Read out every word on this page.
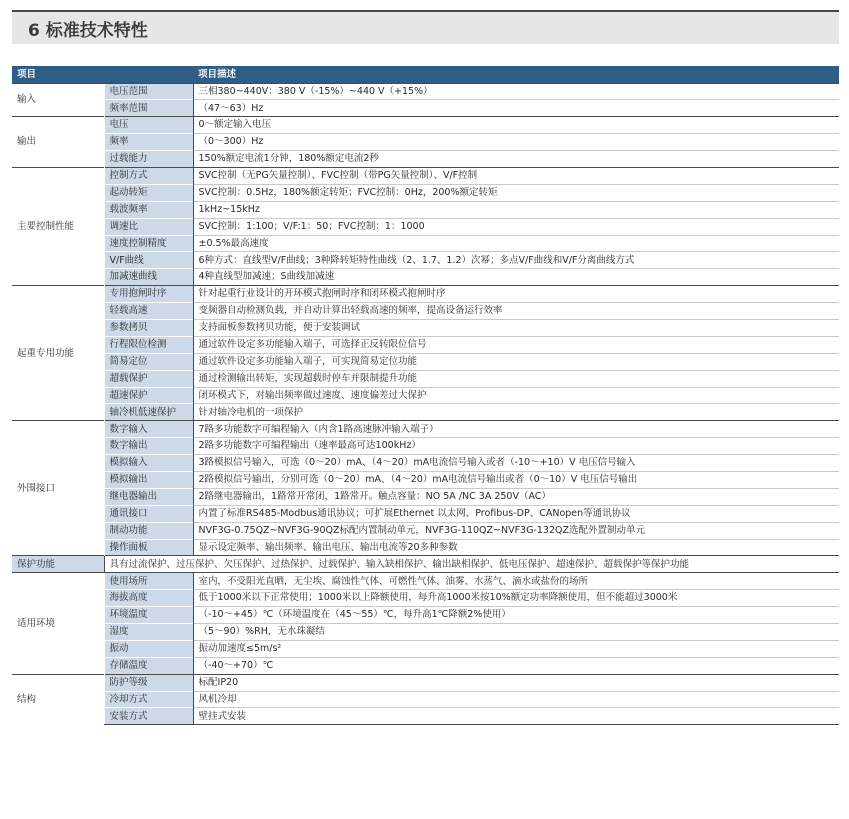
6 标准技术特性
项目		项目描述
输入	电压范围	三相380~440V：380 V（-15%）~440 V（+15%）
	频率范围	（47～63）Hz
输出	电压	0～额定输入电压
	频率	（0～300）Hz
	过载能力	150%额定电流1分钟，180%额定电流2秒
主要控制性能	控制方式	SVC控制（无PG矢量控制）、FVC控制（带PG矢量控制）、V/F控制
	起动转矩	SVC控制：0.5Hz，180%额定转矩；FVC控制：0Hz，200%额定转矩
	载波频率	1kHz~15kHz
	调速比	SVC控制：1:100；V/F:1：50；FVC控制：1：1000
	速度控制精度	±0.5%最高速度
	V/F曲线	6种方式：直线型V/F曲线；3种降转矩特性曲线（2、1.7、1.2）次幂；多点V/F曲线和V/F分离曲线方式
	加减速曲线	4种直线型加减速；S曲线加减速
起重专用功能	专用抱闸时序	针对起重行业设计的开环模式抱闸时序和闭环模式抱闸时序
	轻载高速	变频器自动检测负载，并自动计算出轻载高速的频率，提高设备运行效率
	参数拷贝	支持面板参数拷贝功能，便于安装调试
	行程限位检测	通过软件设定多功能输入端子，可选择正反转限位信号
	简易定位	通过软件设定多功能输入端子，可实现简易定位功能
	超载保护	通过检测输出转矩，实现超载时停车并限制提升功能
	超速保护	闭环模式下，对输出频率做过速度、速度偏差过大保护
	轴冷机低速保护	针对轴冷电机的一项保护
外围接口	数字输入	7路多功能数字可编程输入（内含1路高速脉冲输入端子）
	数字输出	2路多功能数字可编程输出（速率最高可达100kHz）
	模拟输入	3路模拟信号输入，可选（0～20）mA、（4～20）mA电流信号输入或者（-10～+10）V 电压信号输入
	模拟输出	2路模拟信号输出，分别可选（0～20）mA、（4～20）mA电流信号输出或者（0～10）V 电压信号输出
	继电器输出	2路继电器输出，1路常开常闭，1路常开。触点容量：NO 5A /NC 3A 250V（AC）
	通讯接口	内置了标准RS485-Modbus通讯协议；可扩展Ethernet 以太网、Profibus-DP、CANopen等通讯协议
	制动功能	NVF3G-0.75QZ~NVF3G-90QZ标配内置制动单元，NVF3G-110QZ~NVF3G-132QZ选配外置制动单元
	操作面板	显示设定频率、输出频率、输出电压、输出电流等20多种参数
保护功能	具有过流保护、过压保护、欠压保护、过热保护、过载保护、输入缺相保护、输出缺相保护、低电压保护、超速保护、超载保护等保护功能	
适用环境	使用场所	室内，不受阳光直晒，无尘埃、腐蚀性气体、可燃性气体、油雾、水蒸气、滴水或盐份的场所
	海拔高度	低于1000米以下正常使用；1000米以上降额使用，每升高1000米按10%额定功率降额使用，但不能超过3000米
	环境温度	（-10～+45）℃（环境温度在（45～55）℃，每升高1℃降额2%使用）
	湿度	（5～90）%RH，无水珠凝结
	振动	振动加速度≤5m/s²
	存储温度	（-40～+70）℃
结构	防护等级	标配IP20
	冷却方式	风机冷却
	安装方式	壁挂式安装
